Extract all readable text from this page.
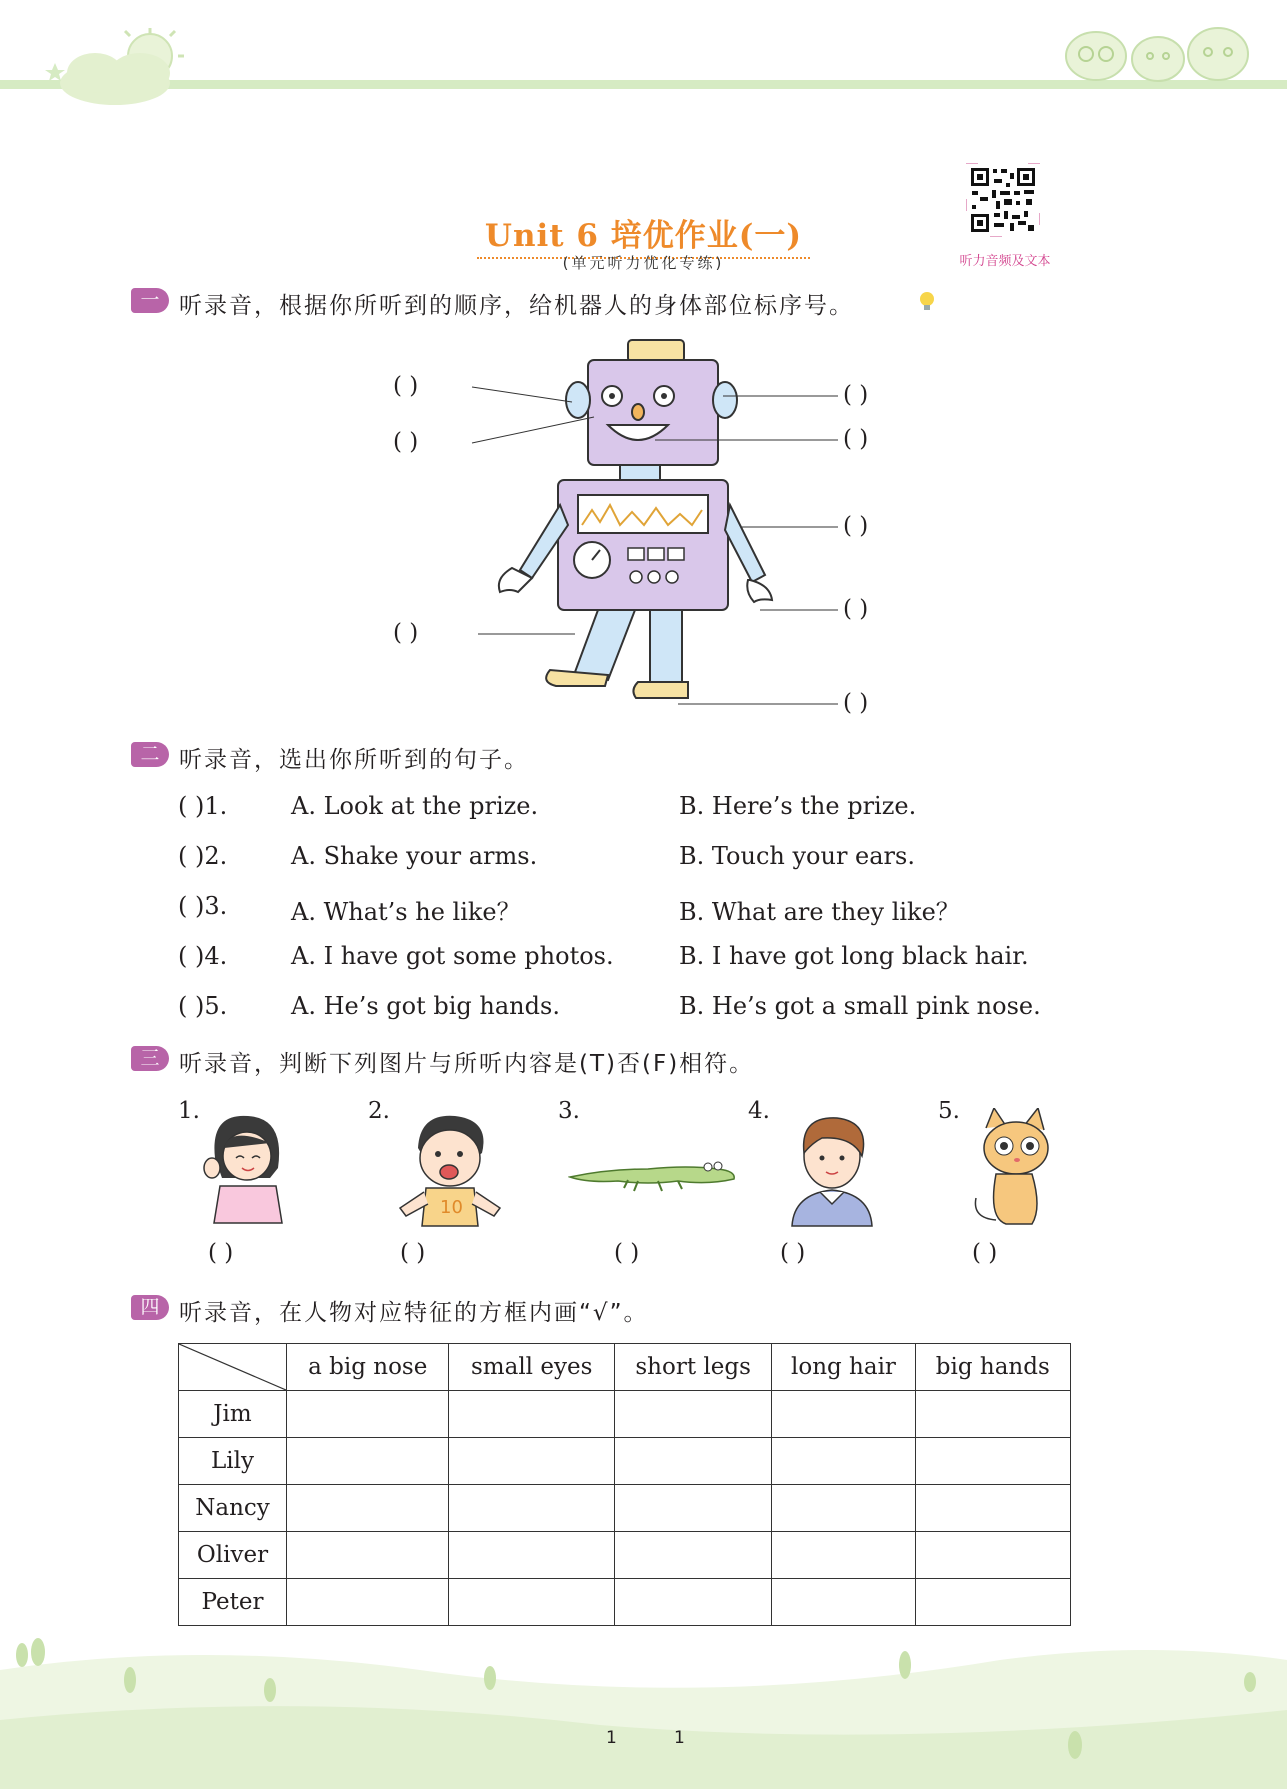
Unit 6 培优作业(一)
(单元听力优化专练)	听力音频及文本
一 听录音，根据你所听到的顺序，给机器人的身体部位标序号。
( )
( )
( )
( )
( )
( )
( )
( )
二 听录音，选出你所听到的句子。
( )1.	A. Look at the prize.	B. Here’s the prize.
( )2.	A. Shake your arms.	B. Touch your ears.
( )3.	A. What’s he like？	B. What are they like？
( )4.	A. I have got some photos.	B. I have got long black hair.
( )5.	A. He’s got big hands.	B. He’s got a small pink nose.
三 听录音，判断下列图片与所听内容是(T)否(F)相符。
1.	2.	3.	4.	5.
10
( )	( )	( )	( )	( )
四 听录音，在人物对应特征的方框内画“√”。
	a big nose	small eyes	short legs	long hair	big hands
Jim					
Lily					
Nancy					
Oliver					
Peter					
1	1
